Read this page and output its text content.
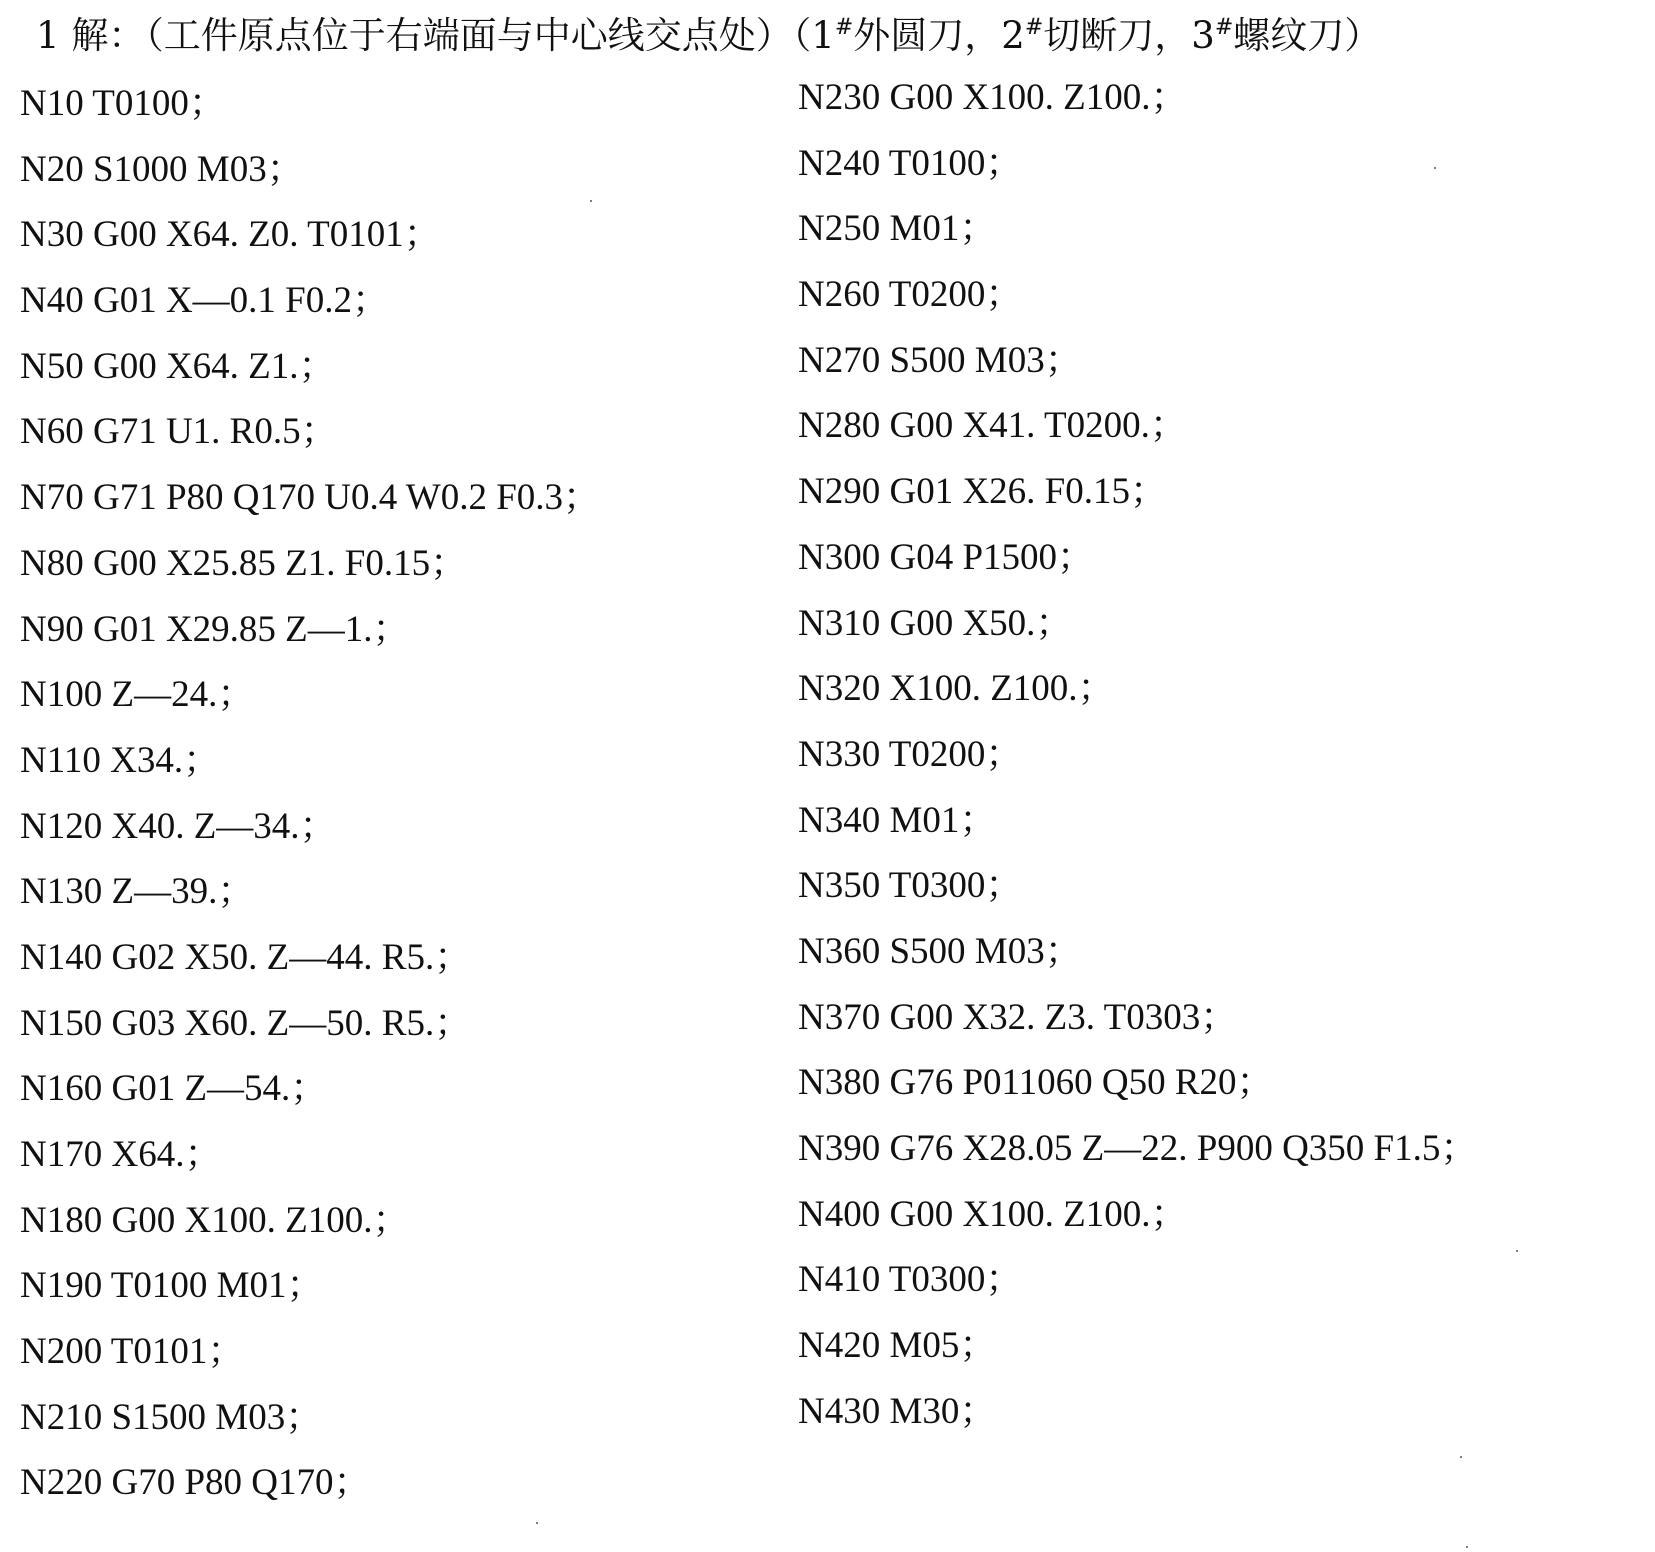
1 解：（工件原点位于右端面与中心线交点处）（1#外圆刀，2#切断刀，3#螺纹刀）
N10 T0100；
N20 S1000 M03；
N30 G00 X64. Z0. T0101；
N40 G01 X—0.1 F0.2；
N50 G00 X64. Z1.；
N60 G71 U1. R0.5；
N70 G71 P80 Q170 U0.4 W0.2 F0.3；
N80 G00 X25.85 Z1. F0.15；
N90 G01 X29.85 Z—1.；
N100 Z—24.；
N110 X34.；
N120 X40. Z—34.；
N130 Z—39.；
N140 G02 X50. Z—44. R5.；
N150 G03 X60. Z—50. R5.；
N160 G01 Z—54.；
N170 X64.；
N180 G00 X100. Z100.；
N190 T0100 M01；
N200 T0101；
N210 S1500 M03；
N220 G70 P80 Q170；
N230 G00 X100. Z100.；
N240 T0100；
N250 M01；
N260 T0200；
N270 S500 M03；
N280 G00 X41. T0200.；
N290 G01 X26. F0.15；
N300 G04 P1500；
N310 G00 X50.；
N320 X100. Z100.；
N330 T0200；
N340 M01；
N350 T0300；
N360 S500 M03；
N370 G00 X32. Z3. T0303；
N380 G76 P011060 Q50 R20；
N390 G76 X28.05 Z—22. P900 Q350 F1.5；
N400 G00 X100. Z100.；
N410 T0300；
N420 M05；
N430 M30；
